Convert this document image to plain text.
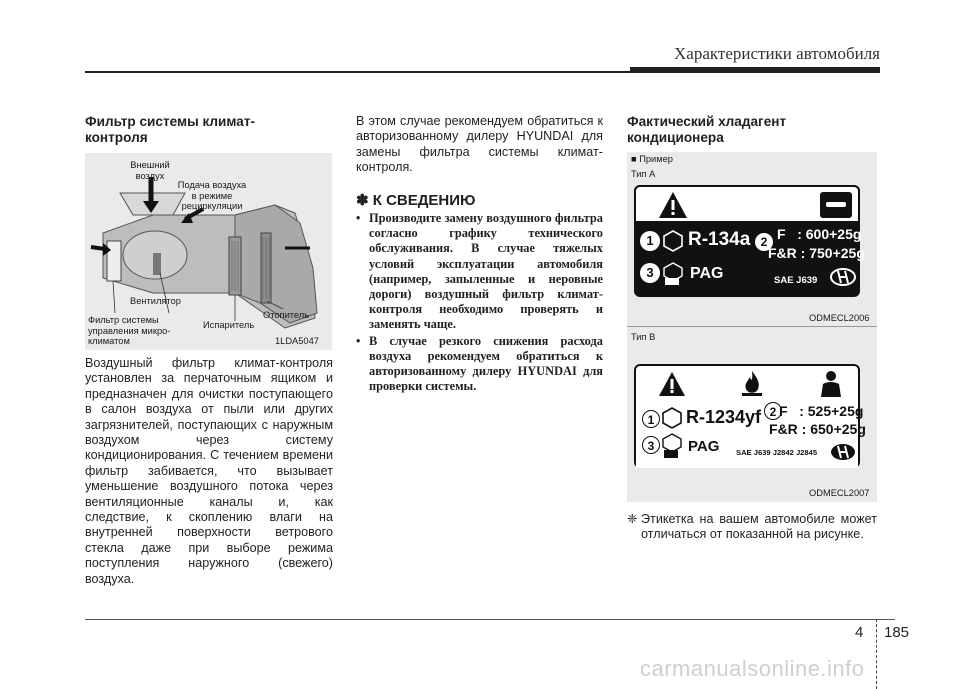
Характеристики автомобиля
Фильтр системы климат-
контроля
Внешний
воздух
Подача воздуха
в режиме
рециркуляции
Вентилятор
Фильтр системы
управления микро-
климатом
Испаритель
Отопитель
1LDA5047

Воздушный фильтр климат-контроля установлен за перчаточным ящиком и предназначен для очистки поступающего в салон воздуха от пыли или других загрязнителей, поступающих с наружным воздухом через систему кондиционирования. С течением времени фильтр забивается, что вызывает уменьшение воздушного потока через вентиляционные каналы и, как следствие, к скоплению влаги на внутренней поверхности ветрового стекла даже при выборе режима поступления наружного (свежего) воздуха.

В этом случае рекомендуем обратиться к авторизованному дилеру HYUNDAI для замены фильтра системы климат-контроля.

✽ К СВЕДЕНИЮ
• Производите замену воздушного фильтра согласно графику технического обслуживания. В случае тяжелых условий эксплуатации автомобиля (например, запыленные и неровные дороги) воздушный фильтр климат-контроля необходимо проверять и заменять чаще.
• В случае резкого снижения расхода воздуха рекомендуем обратиться к авторизованному дилеру HYUNDAI для проверки системы.
Фактический хладагент
кондиционера
■ Пример
Тип А
1	R-134a 2 F   : 600+25g
F&R : 750+25g
3	PAG	SAE J639
ODMECL2006
Тип В
1	R-1234yf 2 F   : 525+25g
F&R : 650+25g
3	PAG SAE J639 J2842 J2845
ODMECL2007
❈ Этикетка на вашем автомобиле может отличаться от показанной на рисунке.
4 185
carmanualsonline.info
